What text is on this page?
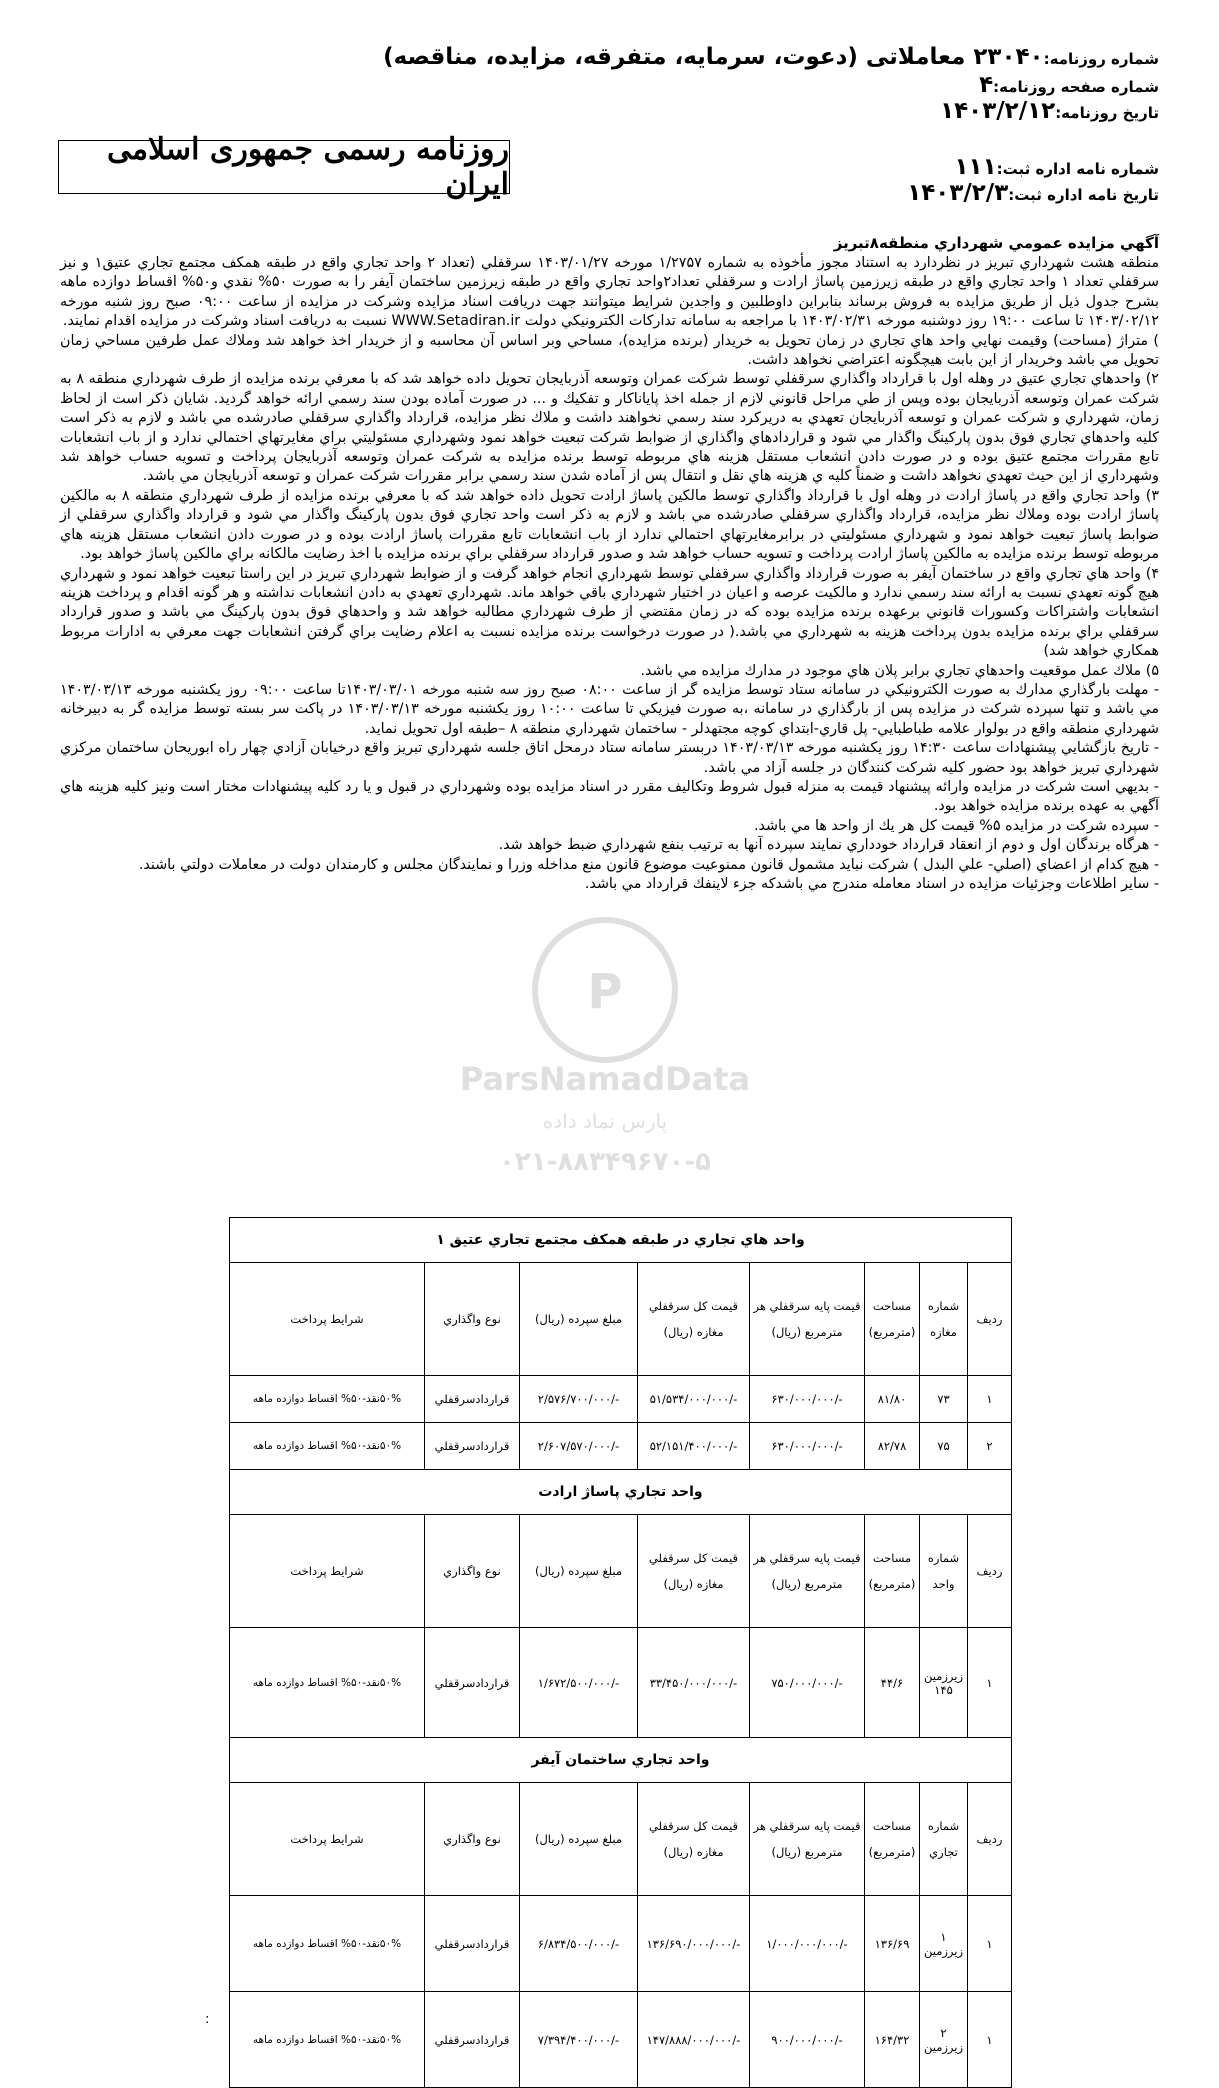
شماره روزنامه:۲۳۰۴۰ معاملاتی (دعوت، سرمایه، متفرقه، مزایده، مناقصه)
شماره صفحه روزنامه:۴
تاریخ روزنامه:۱۴۰۳/۲/۱۲
شماره نامه اداره ثبت:۱۱۱
تاریخ نامه اداره ثبت:۱۴۰۳/۲/۳
روزنامه رسمی جمهوری اسلامی ایران
آگهي مزايده عمومي شهرداري منطقه۸تبريز

منطقه هشت شهرداري تبريز در نظردارد به استناد مجوز مأخوذه به شماره ۱/۲۷۵۷ مورخه ۱۴۰۳/۰۱/۲۷ سرقفلي (تعداد ۲ واحد تجاري واقع در طبقه همكف مجتمع تجاري عتيق۱ و نيز سرقفلي تعداد ۱ واحد تجاري واقع در طبقه زيرزمين پاساژ ارادت و سرقفلي تعداد۲واحد تجاري واقع در طبقه زيرزمين ساختمان آيفر را به صورت ۵۰% نقدي و۵۰% اقساط دوازده ماهه بشرح جدول ذيل از طريق مزايده به فروش برساند بنابراين داوطلبين و واجدين شرايط ميتوانند جهت دريافت اسناد مزايده وشركت در مزايده از ساعت ۰۹:۰۰ صبح روز شنبه مورخه ۱۴۰۳/۰۲/۱۲ تا ساعت ۱۹:۰۰ روز دوشنبه مورخه ۱۴۰۳/۰۲/۳۱ با مراجعه به سامانه تداركات الكترونيكي دولت WWW.Setadiran.ir نسبت به دريافت اسناد وشركت در مزايده اقدام نمايند.

) متراژ (مساحت) وقيمت نهايي واحد هاي تجاري در زمان تحويل به خريدار (برنده مزايده)، مساحي وبر اساس آن محاسبه و از خريدار اخذ خواهد شد وملاك عمل طرفين مساحي زمان تحويل مي باشد وخريدار از اين بابت هيچگونه اعتراضي نخواهد داشت.

۲) واحدهاي تجاري عتيق در وهله اول با قرارداد واگذاري سرقفلي توسط شركت عمران وتوسعه آذربايجان تحويل داده خواهد شد كه با معرفي برنده مزايده از طرف شهرداري منطقه ۸ به شركت عمران وتوسعه آذربايجان بوده وپس از طي مراحل قانوني لازم از جمله اخذ پاياناكار و تفكيك و ... در صورت آماده بودن سند رسمي ارائه خواهد گرديد. شايان ذكر است از لحاظ زمان، شهرداري و شركت عمران و توسعه آذربايجان تعهدي به دريركرد سند رسمي نخواهند داشت و ملاك نظر مزايده، قرارداد واگذاري سرقفلي صادرشده مي باشد و لازم به ذكر است كليه واحدهاي تجاري فوق بدون پاركينگ واگذار مي شود و قراردادهاي واگذاري از ضوابط شركت تبعيت خواهد نمود وشهرداري مسئوليتي براي مغايرتهاي احتمالي ندارد و از باب انشعابات تابع مقررات مجتمع عتيق بوده و در صورت دادن انشعاب مستقل هزينه هاي مربوطه توسط برنده مزايده به شركت عمران وتوسعه آذربايجان پرداخت و تسويه حساب خواهد شد وشهرداري از اين حيث تعهدي نخواهد داشت و ضمناً كليه ي هزينه هاي نقل و انتقال پس از آماده شدن سند رسمي برابر مقررات شركت عمران و توسعه آذربايجان مي باشد.

۳) واحد تجاري واقع در پاساژ ارادت در وهله اول با قرارداد واگذاري توسط مالكين پاساژ ارادت تحويل داده خواهد شد كه با معرفي برنده مزايده از طرف شهرداري منطقه ۸ به مالكين پاساژ ارادت بوده وملاك نظر مزايده، قرارداد واگذاري سرقفلي صادرشده مي باشد و لازم به ذكر است واحد تجاري فوق بدون پاركينگ واگذار مي شود و قرارداد واگذاري سرقفلي از ضوابط پاساژ تبعيت خواهد نمود و شهرداري مسئوليتي در برابرمغايرتهاي احتمالي ندارد از باب انشعابات تابع مقررات پاساژ ارادت بوده و در صورت دادن انشعاب مستقل هزينه هاي مربوطه توسط برنده مزايده به مالكين پاساژ ارادت پرداخت و تسويه حساب خواهد شد و صدور قرارداد سرقفلي براي برنده مزايده با اخذ رضايت مالكانه براي مالكين پاساژ خواهد بود.

۴) واحد هاي تجاري واقع در ساختمان آيفر به صورت قرارداد واگذاري سرقفلي توسط شهرداري انجام خواهد گرفت و از ضوابط شهرداري تبريز در اين راستا تبعيت خواهد نمود و شهرداري هيچ گونه تعهدي نسبت به ارائه سند رسمي ندارد و مالكيت عرصه و اعيان در اختيار شهرداري باقي خواهد ماند. شهرداري تعهدي به دادن انشعابات نداشته و هر گونه اقدام و پرداخت هزينه انشعابات واشتراكات وكسورات قانوني برعهده برنده مزايده بوده كه در زمان مقتضي از طرف شهرداري مطالبه خواهد شد و واحدهاي فوق بدون پاركينگ مي باشد و صدور قرارداد سرقفلي براي برنده مزايده بدون پرداخت هزينه به شهرداري مي باشد.( در صورت درخواست برنده مزايده نسبت به اعلام رضايت براي گرفتن انشعابات جهت معرفي به ادارات مربوط همكاري خواهد شد)

۵) ملاك عمل موقعيت واحدهاي تجاري برابر پلان هاي موجود در مدارك مزايده مي باشد.

- مهلت بارگذاري مدارك به صورت الكترونيكي در سامانه ستاد توسط مزايده گر از ساعت ۰۸:۰۰ صبح روز سه شنبه مورخه ۱۴۰۳/۰۳/۰۱تا ساعت ۰۹:۰۰ روز يكشنبه مورخه ۱۴۰۳/۰۳/۱۳ مي باشد و تنها سپرده شركت در مزايده پس از بارگذاري در سامانه ،به صورت فيزيكي تا ساعت ۱۰:۰۰ روز يكشنبه مورخه ۱۴۰۳/۰۳/۱۳ در پاكت سر بسته توسط مزايده گر به دبيرخانه شهرداري منطقه واقع در بولوار علامه طباطبايي- پل قاري-ابتداي كوچه مجتهدلر - ساختمان شهرداري منطقه ۸ –طبقه اول تحويل نمايد.

- تاريخ بازگشايي پيشنهادات ساعت ۱۴:۳۰ روز يكشنبه مورخه ۱۴۰۳/۰۳/۱۳ دربستر سامانه ستاد درمحل اتاق جلسه شهرداري تبريز واقع درخيابان آزادي چهار راه ابوريحان ساختمان مركزي شهرداري تبريز خواهد بود حضور كليه شركت كنندگان در جلسه آزاد مي باشد.

- بديهي است شركت در مزايده وارائه پيشنهاد قيمت به منزله قبول شروط وتكاليف مقرر در اسناد مزايده بوده وشهرداري در قبول و يا رد كليه پيشنهادات مختار است ونيز كليه هزينه هاي آگهي به عهده برنده مزايده خواهد بود.

- سپرده شركت در مزايده ۵% قيمت كل هر يك از واحد ها مي باشد.

- هرگاه برندگان اول و دوم از انعقاد قرارداد خودداري نمايند سپرده آنها به ترتيب بنفع شهرداري ضبط خواهد شد.

- هيچ كدام از اعضاي (اصلي- علي البدل ) شركت نبايد مشمول قانون ممنوعيت موضوع قانون منع مداخله وزرا و نمايندگان مجلس و كارمندان دولت در معاملات دولتي باشند.

- ساير اطلاعات وجزئيات مزايده در اسناد معامله مندرج مي باشدكه جزء لاينفك قرارداد مي باشد.

P
ParsNamadData
پارس نماد داده
۰۲۱-۸۸۳۴۹۶۷۰-۵
واحد هاي تجاري در طبقه همكف مجتمع تجاري عتيق ۱							
رديف	شماره مغازه	مساحت (مترمربع)	قيمت پايه سرقفلي هر مترمربع (ريال)	قيمت كل سرقفلي مغازه (ريال)	مبلغ سپرده (ريال)	نوع واگذاري	شرايط پرداخت
۱	۷۳	۸۱/۸۰	۶۳۰/۰۰۰/۰۰۰/-	۵۱/۵۳۴/۰۰۰/۰۰۰/-	۲/۵۷۶/۷۰۰/۰۰۰/-	قراردادسرقفلي	۵۰%نقد-۵۰% اقساط دوازده ماهه
۲	۷۵	۸۲/۷۸	۶۳۰/۰۰۰/۰۰۰/-	۵۲/۱۵۱/۴۰۰/۰۰۰/-	۲/۶۰۷/۵۷۰/۰۰۰/-	قراردادسرقفلي	۵۰%نقد-۵۰% اقساط دوازده ماهه
واحد تجاري پاساژ ارادت							
رديف	شماره واحد	مساحت (مترمربع)	قيمت پايه سرقفلي هر مترمربع (ريال)	قيمت كل سرقفلي مغازه (ريال)	مبلغ سپرده (ريال)	نوع واگذاري	شرايط پرداخت
۱	زيرزمين ۱۴۵	۴۴/۶	۷۵۰/۰۰۰/۰۰۰/-	۳۳/۴۵۰/۰۰۰/۰۰۰/-	۱/۶۷۲/۵۰۰/۰۰۰/-	قراردادسرقفلي	۵۰%نقد-۵۰% اقساط دوازده ماهه
واحد تجاري ساختمان آيفر							
رديف	شماره تجاري	مساحت (مترمربع)	قيمت پايه سرقفلي هر مترمربع (ريال)	قيمت كل سرقفلي مغازه (ريال)	مبلغ سپرده (ريال)	نوع واگذاري	شرايط پرداخت
۱	۱ زيرزمين	۱۳۶/۶۹	۱/۰۰۰/۰۰۰/۰۰۰/-	۱۳۶/۶۹۰/۰۰۰/۰۰۰/-	۶/۸۳۴/۵۰۰/۰۰۰/-	قراردادسرقفلي	۵۰%نقد-۵۰% اقساط دوازده ماهه
۱	۲ زيرزمين	۱۶۴/۳۲	۹۰۰/۰۰۰/۰۰۰/-	۱۴۷/۸۸۸/۰۰۰/۰۰۰/-	۷/۳۹۴/۴۰۰/۰۰۰/-	قراردادسرقفلي	۵۰%نقد-۵۰% اقساط دوازده ماهه
:
